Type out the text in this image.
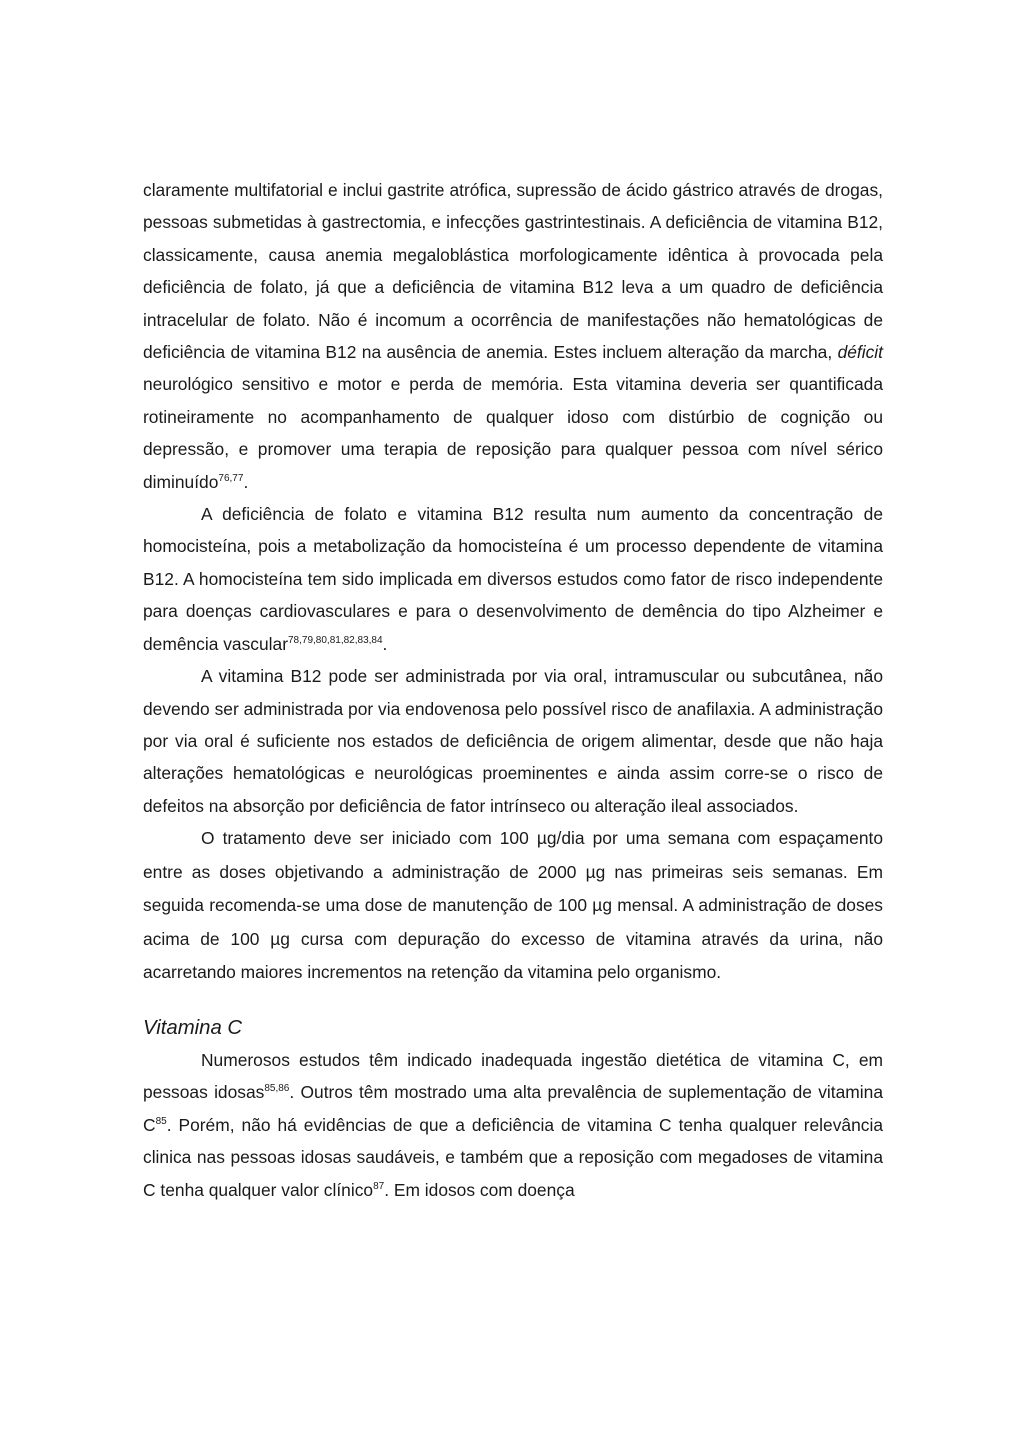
claramente multifatorial e inclui gastrite atrófica, supressão de ácido gástrico através de drogas, pessoas submetidas à gastrectomia, e infecções gastrintestinais. A deficiência de vitamina B12, classicamente, causa anemia megaloblástica morfologicamente idêntica à provocada pela deficiência de folato, já que a deficiência de vitamina B12 leva a um quadro de deficiência intracelular de folato. Não é incomum a ocorrência de manifestações não hematológicas de deficiência de vitamina B12 na ausência de anemia. Estes incluem alteração da marcha, déficit neurológico sensitivo e motor e perda de memória. Esta vitamina deveria ser quantificada rotineiramente no acompanhamento de qualquer idoso com distúrbio de cognição ou depressão, e promover uma terapia de reposição para qualquer pessoa com nível sérico diminuído$^{76,77}$.

A deficiência de folato e vitamina B12 resulta num aumento da concentração de homocisteína, pois a metabolização da homocisteína é um processo dependente de vitamina B12. A homocisteína tem sido implicada em diversos estudos como fator de risco independente para doenças cardiovasculares e para o desenvolvimento de demência do tipo Alzheimer e demência vascular$^{78,79,80,81,82,83,84}$.

A vitamina B12 pode ser administrada por via oral, intramuscular ou subcutânea, não devendo ser administrada por via endovenosa pelo possível risco de anafilaxia. A administração por via oral é suficiente nos estados de deficiência de origem alimentar, desde que não haja alterações hematológicas e neurológicas proeminentes e ainda assim corre-se o risco de defeitos na absorção por deficiência de fator intrínseco ou alteração ileal associados.

O tratamento deve ser iniciado com 100 µg/dia por uma semana com espaçamento entre as doses objetivando a administração de 2000 µg nas primeiras seis semanas. Em seguida recomenda-se uma dose de manutenção de 100 µg mensal. A administração de doses acima de 100 µg cursa com depuração do excesso de vitamina através da urina, não acarretando maiores incrementos na retenção da vitamina pelo organismo.

Vitamina C

Numerosos estudos têm indicado inadequada ingestão dietética de vitamina C, em pessoas idosas$^{85,86}$. Outros têm mostrado uma alta prevalência de suplementação de vitamina $C^{85}$. Porém, não há evidências de que a deficiência de vitamina C tenha qualquer relevância clinica nas pessoas idosas saudáveis, e também que a reposição com megadoses de vitamina C tenha qualquer valor clínico$^{87}$. Em idosos com doença
